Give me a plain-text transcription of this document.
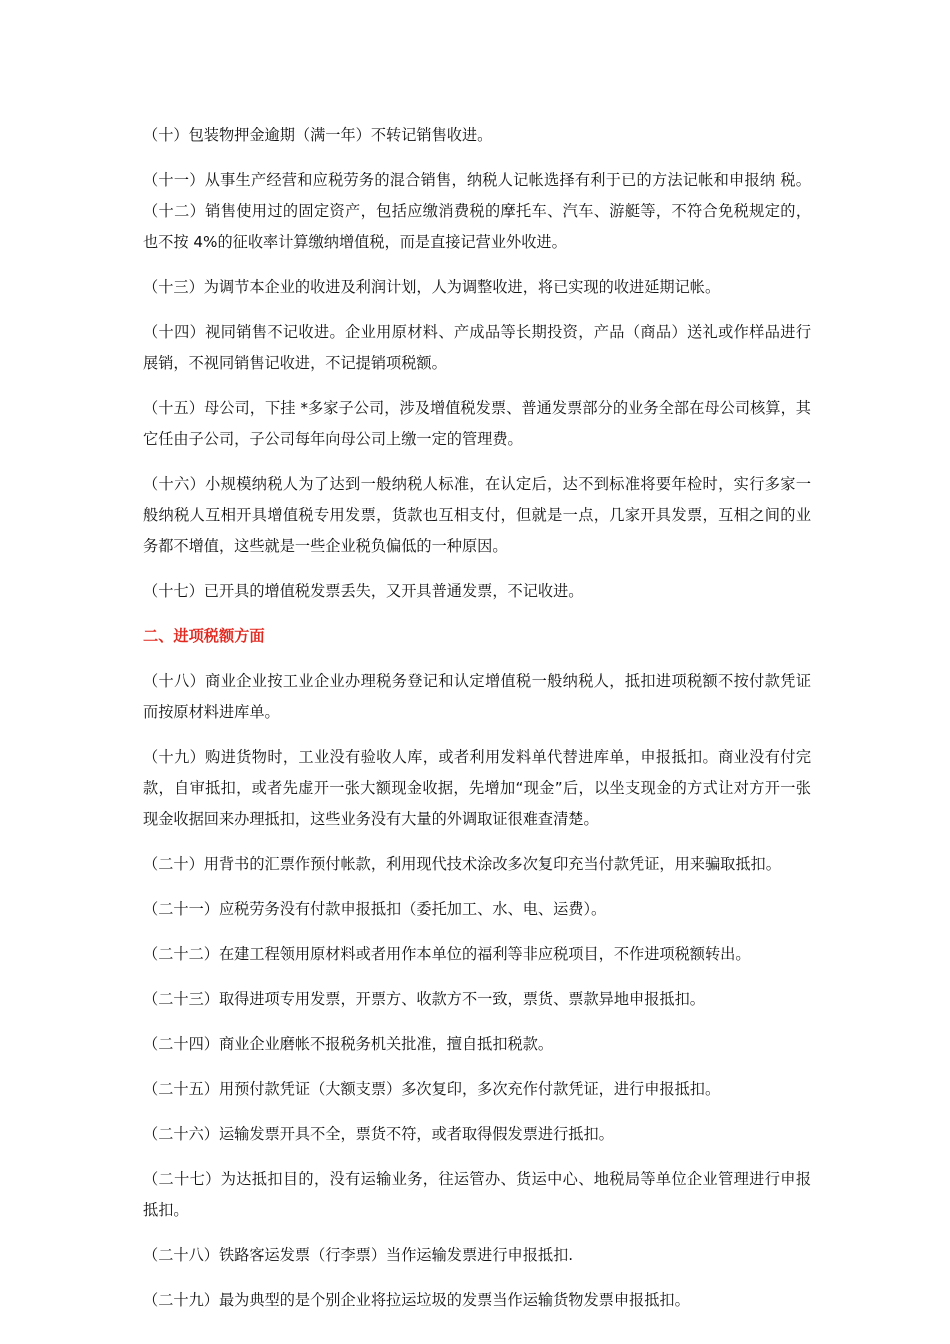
（十）包装物押金逾期（满一年）不转记销售收进。

（十一）从事生产经营和应税劳务的混合销售，纳税人记帐选择有利于已的方法记帐和申报纳 税。（十二）销售使用过的固定资产，包括应缴消费税的摩托车、汽车、游艇等，不符合免税规定的，也不按 4%的征收率计算缴纳增值税，而是直接记营业外收进。

（十三）为调节本企业的收进及利润计划，人为调整收进，将已实现的收进延期记帐。

（十四）视同销售不记收进。企业用原材料、产成品等长期投资，产品（商品）送礼或作样品进行展销，不视同销售记收进，不记提销项税额。

（十五）母公司，下挂 *多家子公司，涉及增值税发票、普通发票部分的业务全部在母公司核算，其它任由子公司，子公司每年向母公司上缴一定的管理费。

（十六）小规模纳税人为了达到一般纳税人标准，在认定后，达不到标准将要年检时，实行多家一般纳税人互相开具增值税专用发票，货款也互相支付，但就是一点，几家开具发票，互相之间的业务都不增值，这些就是一些企业税负偏低的一种原因。

（十七）已开具的增值税发票丢失，又开具普通发票，不记收进。

二、进项税额方面

（十八）商业企业按工业企业办理税务登记和认定增值税一般纳税人，抵扣进项税额不按付款凭证而按原材料进库单。

（十九）购进货物时，工业没有验收人库，或者利用发料单代替进库单，申报抵扣。商业没有付完款，自审抵扣，或者先虚开一张大额现金收据，先增加“现金”后，以坐支现金的方式让对方开一张现金收据回来办理抵扣，这些业务没有大量的外调取证很难查清楚。

（二十）用背书的汇票作预付帐款，利用现代技术涂改多次复印充当付款凭证，用来骗取抵扣。

（二十一）应税劳务没有付款申报抵扣（委托加工、水、电、运费）。

（二十二）在建工程领用原材料或者用作本单位的福利等非应税项目，不作进项税额转出。

（二十三）取得进项专用发票，开票方、收款方不一致，票货、票款异地申报抵扣。

（二十四）商业企业磨帐不报税务机关批准，擅自抵扣税款。

（二十五）用预付款凭证（大额支票）多次复印，多次充作付款凭证，进行申报抵扣。

（二十六）运输发票开具不全，票货不符，或者取得假发票进行抵扣。

（二十七）为达抵扣目的，没有运输业务，往运管办、货运中心、地税局等单位企业管理进行申报抵扣。

（二十八）铁路客运发票（行李票）当作运输发票进行申报抵扣.

（二十九）最为典型的是个别企业将拉运垃圾的发票当作运输货物发票申报抵扣。
